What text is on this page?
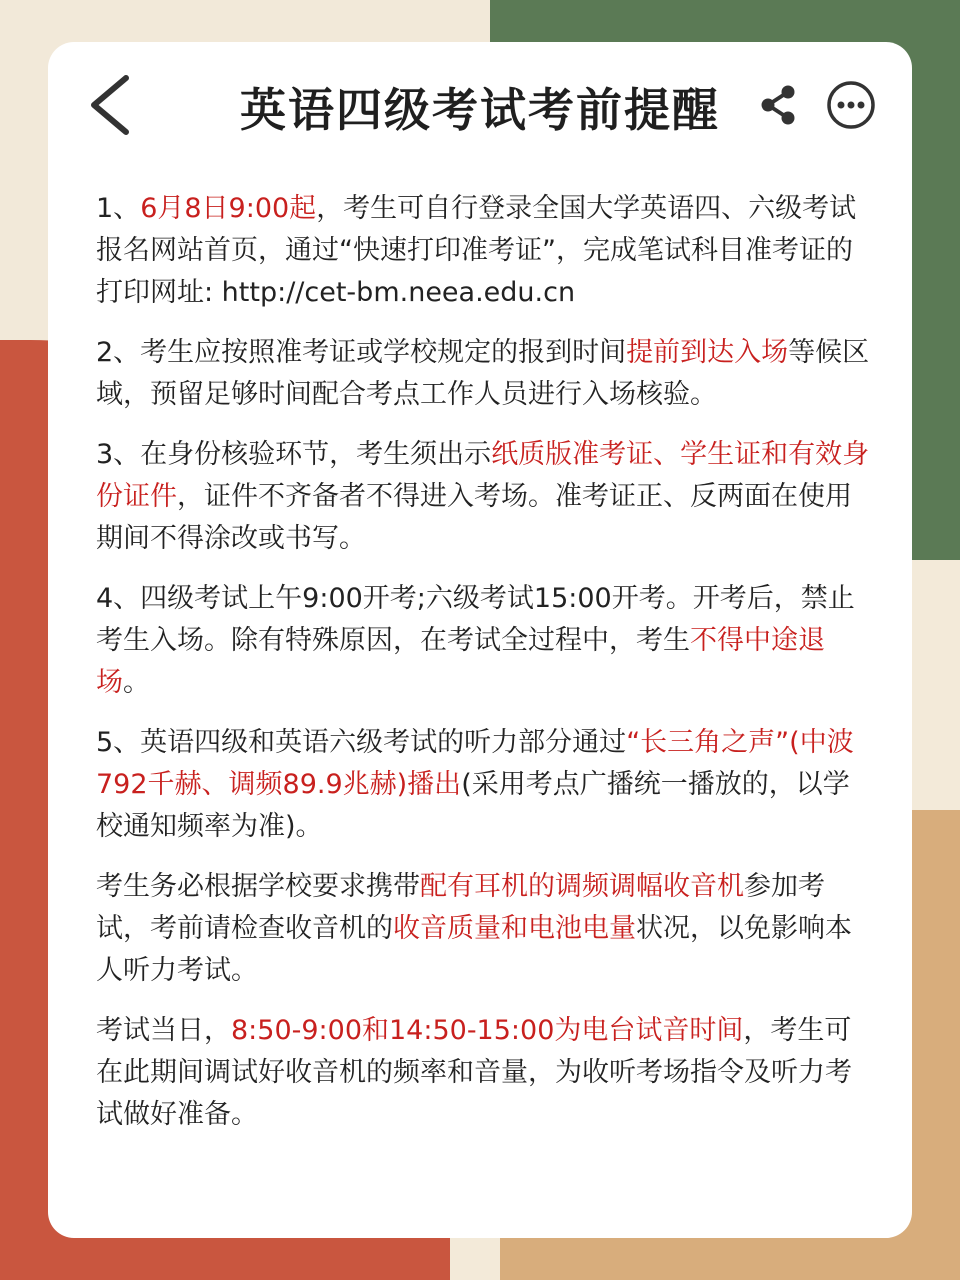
英语四级考试考前提醒

1、6月8日9:00起，考生可自行登录全国大学英语四、六级考试报名网站首页，通过“快速打印准考证”，完成笔试科目准考证的打印网址: http://cet-bm.neea.edu.cn

2、考生应按照准考证或学校规定的报到时间提前到达入场等候区域，预留足够时间配合考点工作人员进行入场核验。

3、在身份核验环节，考生须出示纸质版准考证、学生证和有效身份证件，证件不齐备者不得进入考场。准考证正、反两面在使用期间不得涂改或书写。

4、四级考试上午9:00开考;六级考试15:00开考。开考后，禁止考生入场。除有特殊原因，在考试全过程中，考生不得中途退场。

5、英语四级和英语六级考试的听力部分通过“长三角之声”(中波792千赫、调频89.9兆赫)播出(采用考点广播统一播放的，以学校通知频率为准)。

考生务必根据学校要求携带配有耳机的调频调幅收音机参加考试，考前请检查收音机的收音质量和电池电量状况，以免影响本人听力考试。

考试当日，8:50-9:00和14:50-15:00为电台试音时间，考生可在此期间调试好收音机的频率和音量，为收听考场指令及听力考试做好准备。
